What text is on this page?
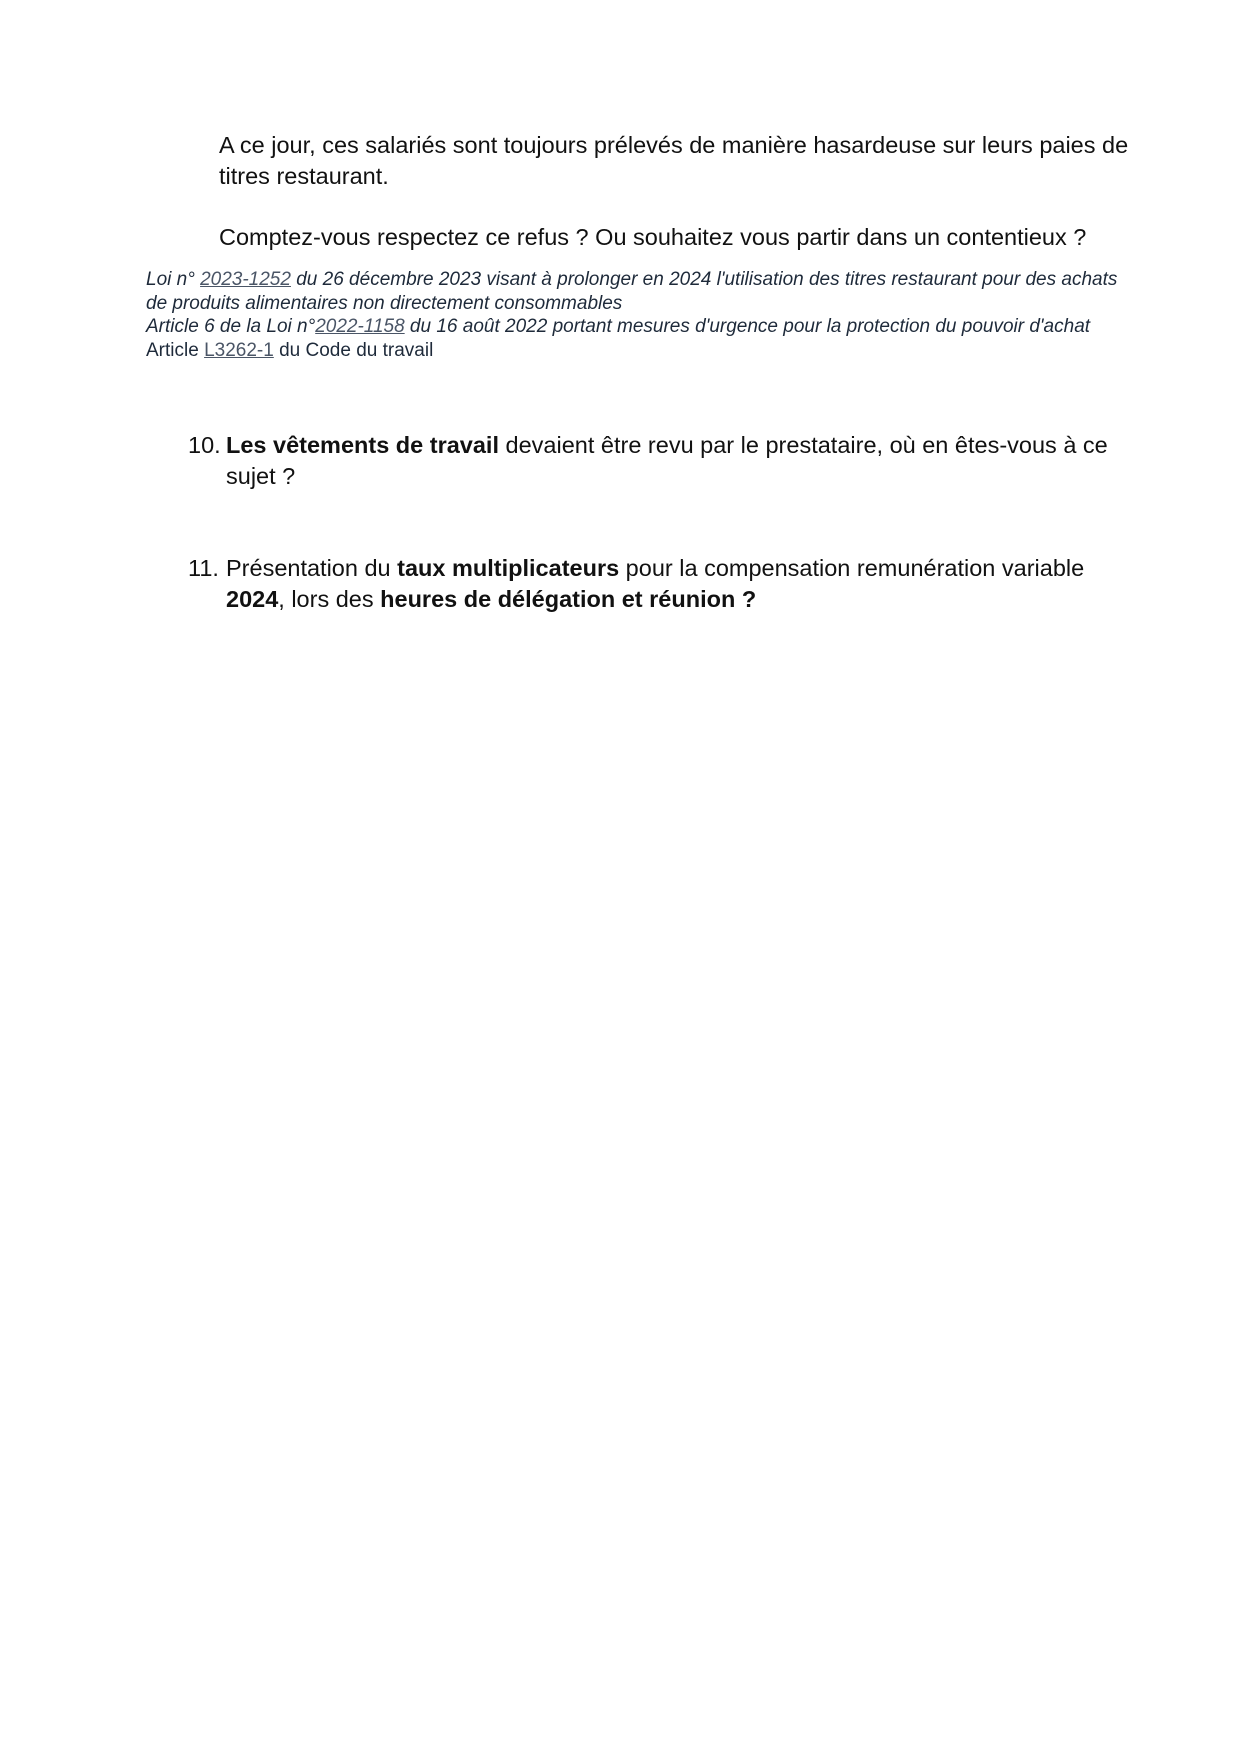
A ce jour, ces salariés sont toujours prélevés de manière hasardeuse sur leurs paies de titres restaurant.

Comptez-vous respectez ce refus ? Ou souhaitez vous partir dans un contentieux ?

Loi n° 2023-1252 du 26 décembre 2023 visant à prolonger en 2024 l'utilisation des titres restaurant pour des achats de produits alimentaires non directement consommables
Article 6 de la Loi n°2022-1158 du 16 août 2022 portant mesures d'urgence pour la protection du pouvoir d'achat
Article L3262-1 du Code du travail
10. Les vêtements de travail devaient être revu par le prestataire, où en êtes-vous à ce sujet ?
11. Présentation du taux multiplicateurs pour la compensation remunération variable 2024, lors des heures de délégation et réunion ?
